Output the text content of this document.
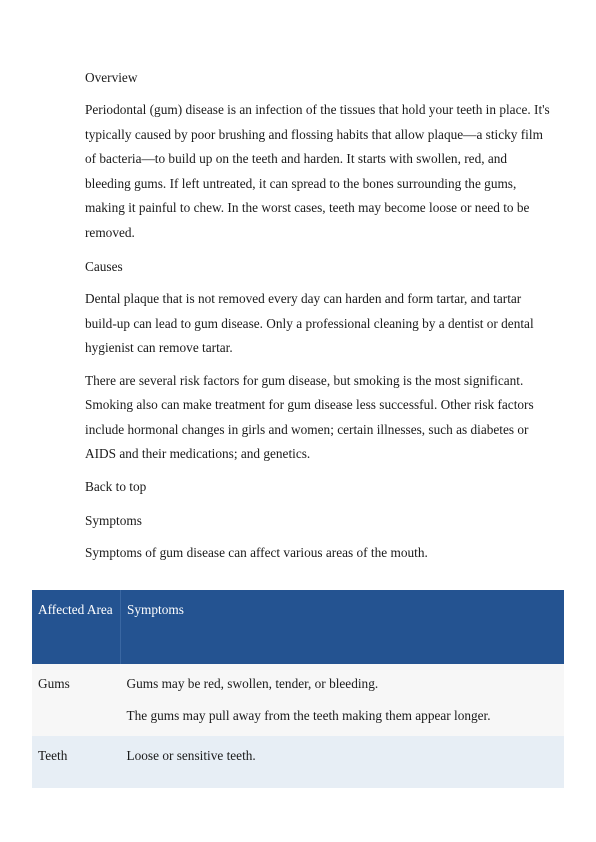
Overview

Periodontal (gum) disease is an infection of the tissues that hold your teeth in place. It's typically caused by poor brushing and flossing habits that allow plaque—a sticky film of bacteria—to build up on the teeth and harden. It starts with swollen, red, and bleeding gums. If left untreated, it can spread to the bones surrounding the gums, making it painful to chew. In the worst cases, teeth may become loose or need to be removed.

Causes

Dental plaque that is not removed every day can harden and form tartar, and tartar build-up can lead to gum disease. Only a professional cleaning by a dentist or dental hygienist can remove tartar.

There are several risk factors for gum disease, but smoking is the most significant. Smoking also can make treatment for gum disease less successful. Other risk factors include hormonal changes in girls and women; certain illnesses, such as diabetes or AIDS and their medications; and genetics.

Back to top

Symptoms

Symptoms of gum disease can affect various areas of the mouth.

Affected Area	Symptoms
Gums	Gums may be red, swollen, tender, or bleeding.

The gums may pull away from the teeth making them appear longer.

Teeth	Loose or sensitive teeth.
